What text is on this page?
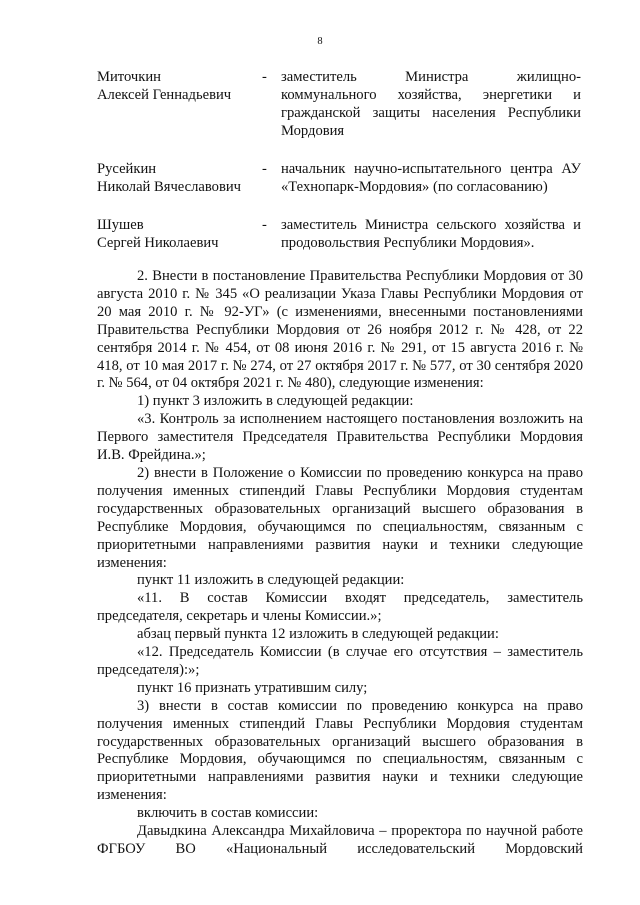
8
Миточкин
Алексей Геннадьевич
- заместитель Министра жилищно-коммунального хозяйства, энергетики и гражданской защиты населения Республики Мордовия
Русейкин
Николай Вячеславович
- начальник научно-испытательного центра АУ «Технопарк-Мордовия» (по согласованию)
Шушев
Сергей Николаевич
- заместитель Министра сельского хозяйства и продовольствия Республики Мордовия».

2. Внести в постановление Правительства Республики Мордовия от 30 августа 2010 г. № 345 «О реализации Указа Главы Республики Мордовия от 20 мая 2010 г. № 92-УГ» (с изменениями, внесенными постановлениями Правительства Республики Мордовия от 26 ноября 2012 г. № 428, от 22 сентября 2014 г. № 454, от 08 июня 2016 г. № 291, от 15 августа 2016 г. № 418, от 10 мая 2017 г. № 274, от 27 октября 2017 г. № 577, от 30 сентября 2020 г. № 564, от 04 октября 2021 г. № 480), следующие изменения:

1) пункт 3 изложить в следующей редакции:

«3. Контроль за исполнением настоящего постановления возложить на Первого заместителя Председателя Правительства Республики Мордовия И.В. Фрейдина.»;

2) внести в Положение о Комиссии по проведению конкурса на право получения именных стипендий Главы Республики Мордовия студентам государственных образовательных организаций высшего образования в Республике Мордовия, обучающимся по специальностям, связанным с приоритетными направлениями развития науки и техники следующие изменения:

пункт 11 изложить в следующей редакции:

«11. В состав Комиссии входят председатель, заместитель председателя, секретарь и члены Комиссии.»;

абзац первый пункта 12 изложить в следующей редакции:

«12. Председатель Комиссии (в случае его отсутствия – заместитель председателя):»;

пункт 16 признать утратившим силу;

3) внести в состав комиссии по проведению конкурса на право получения именных стипендий Главы Республики Мордовия студентам государственных образовательных организаций высшего образования в Республике Мордовия, обучающимся по специальностям, связанным с приоритетными направлениями развития науки и техники следующие изменения:

включить в состав комиссии:

Давыдкина Александра Михайловича – проректора по научной работе ФГБОУ ВО «Национальный исследовательский Мордовский
